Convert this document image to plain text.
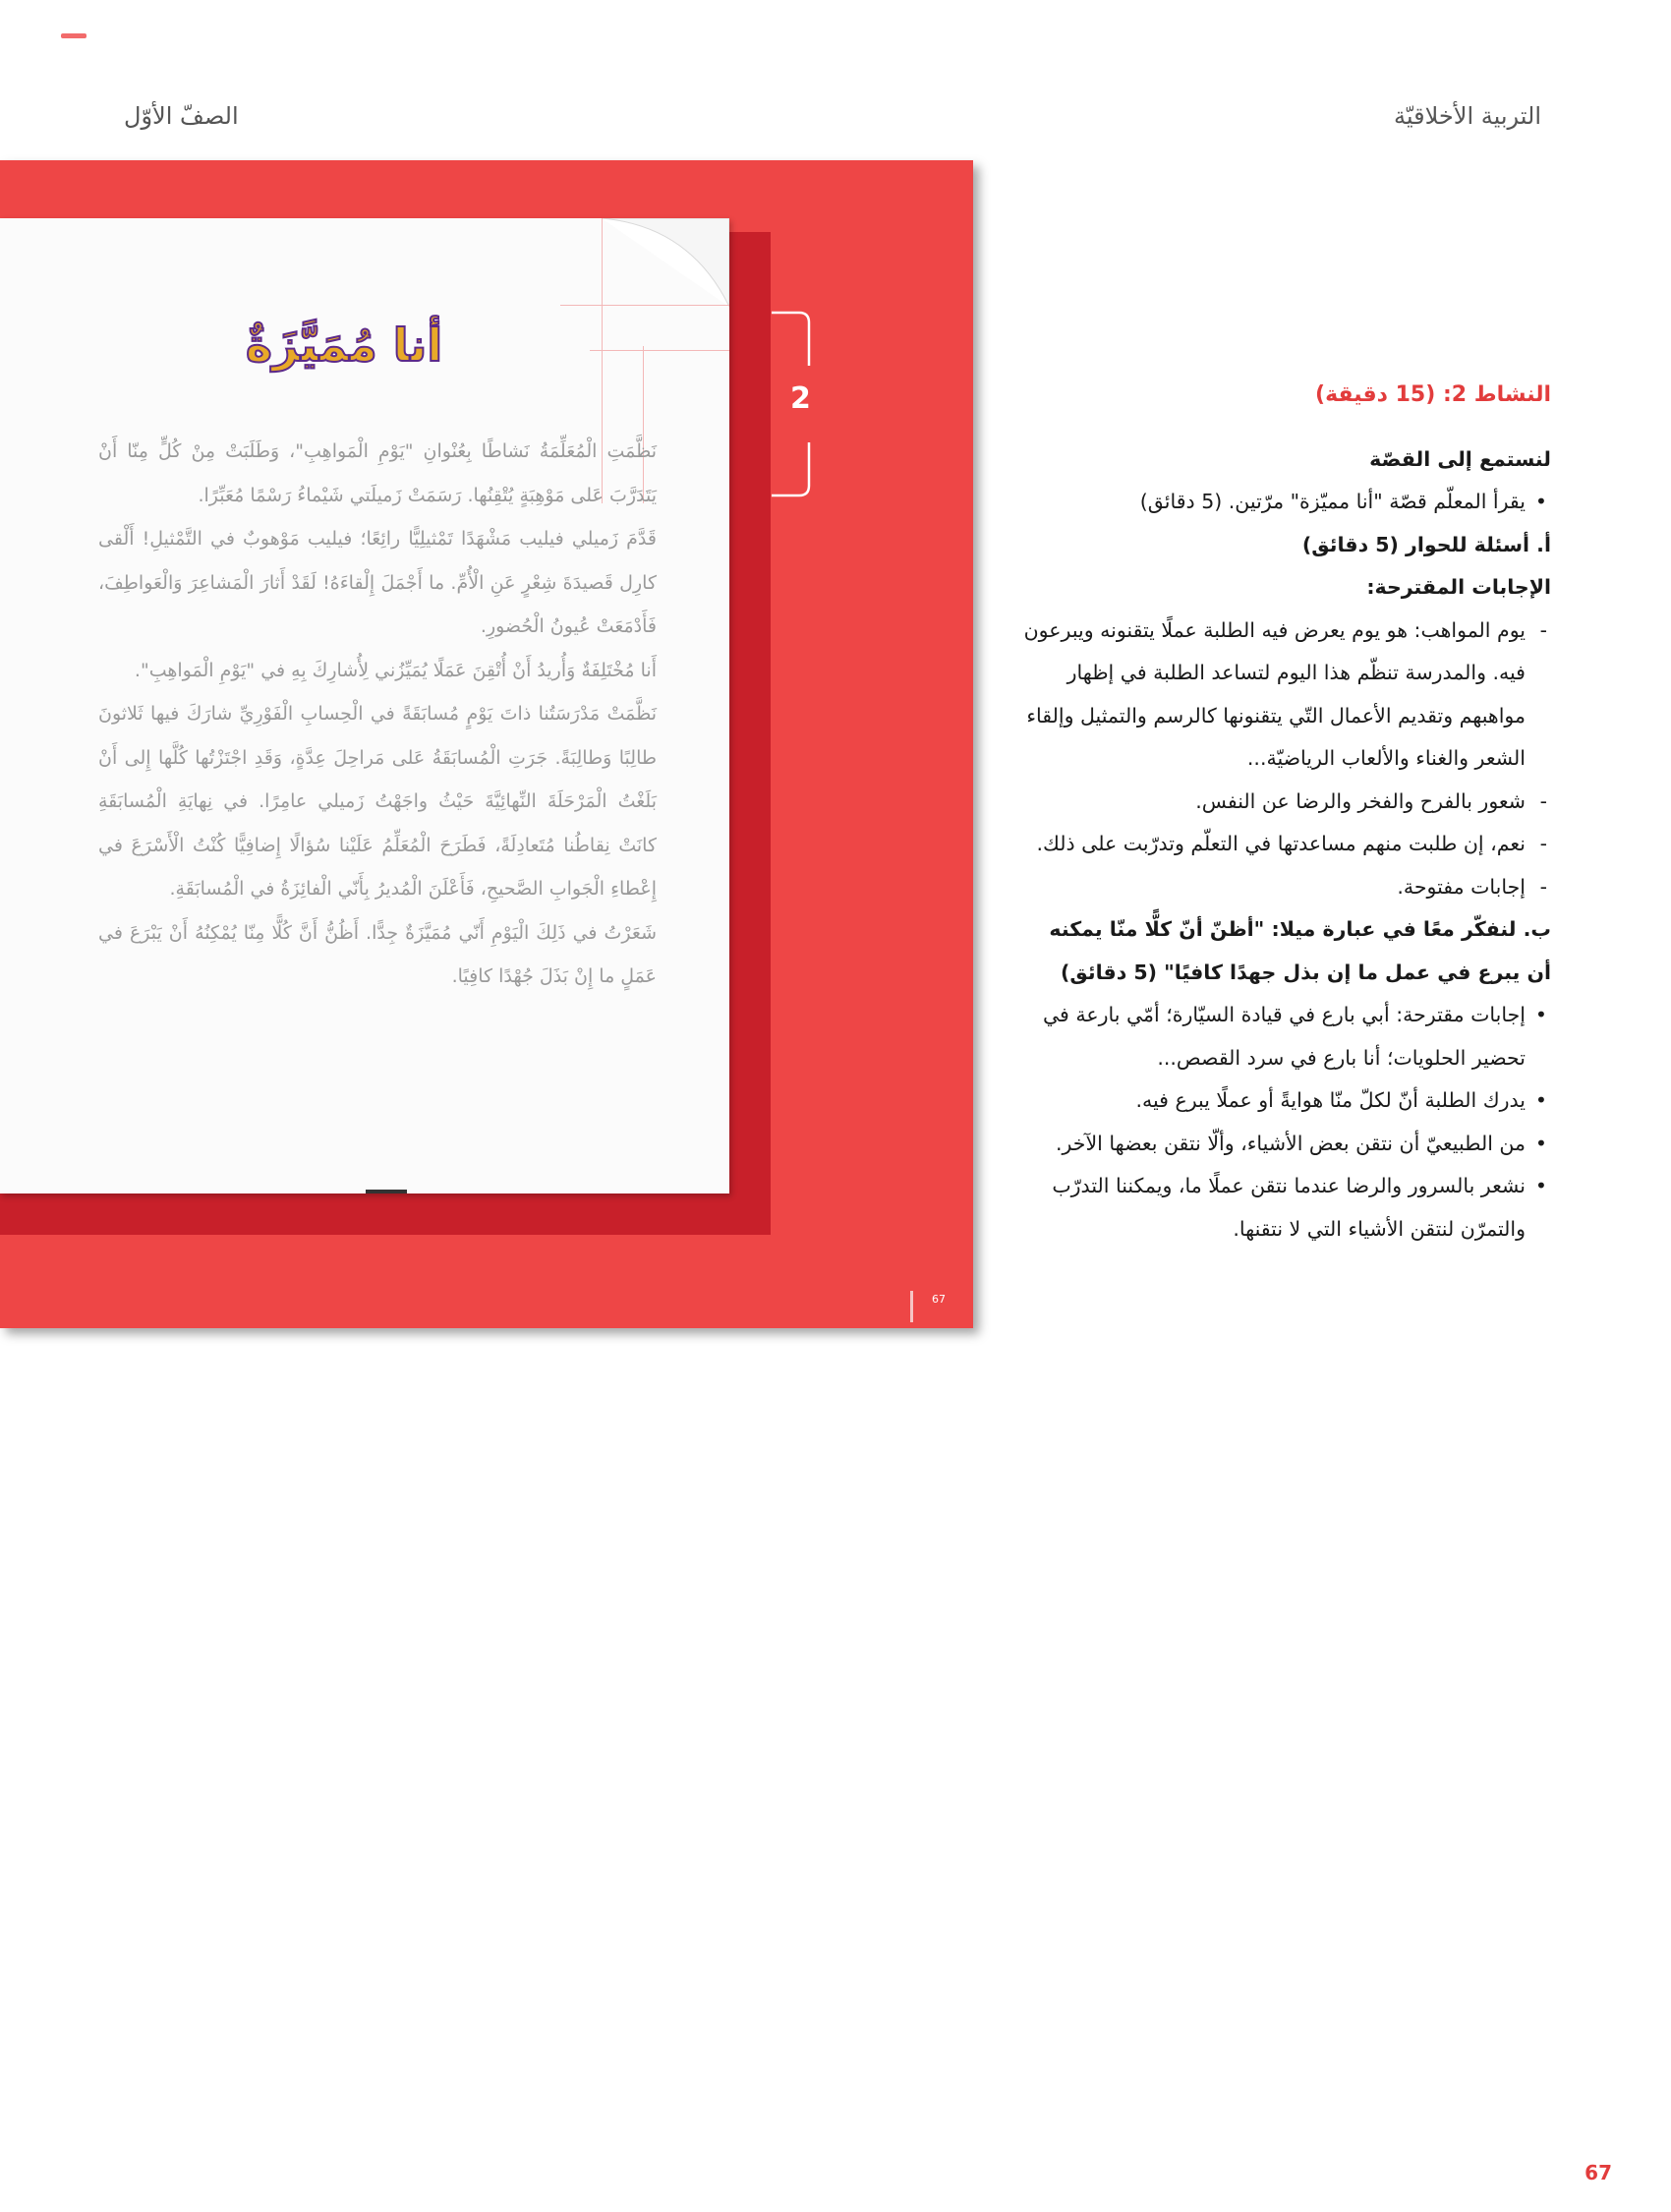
التربية الأخلاقيّة
الصفّ الأوّل
أنا مُمَيَّزَةٌ

نَظَّمَتِ الْمُعَلِّمَةُ نَشاطًا بِعُنْوانِ "يَوْمِ الْمَواهِبِ"، وَطَلَبَتْ مِنْ كُلٍّ مِنّا أَنْ يَتَدَرَّبَ عَلى مَوْهِبَةٍ يُتْقِنُها. رَسَمَتْ زَميلَتي شَيْماءُ رَسْمًا مُعَبِّرًا.

قَدَّمَ زَميلي فيليب مَشْهَدًا تَمْثيلِيًّا رائِعًا؛ فيليب مَوْهوبٌ في التَّمْثيلِ! أَلْقى كارِل قَصيدَةَ شِعْرٍ عَنِ الْأُمِّ. ما أَجْمَلَ إِلْقاءَهُ! لَقَدْ أَثارَ الْمَشاعِرَ وَالْعَواطِفَ، فَأَدْمَعَتْ عُيونُ الْحُضورِ.

أَنا مُخْتَلِفَةٌ وَأُريدُ أَنْ أُتْقِنَ عَمَلًا يُمَيِّزُني لِأُشارِكَ بِهِ في "يَوْمِ الْمَواهِبِ".

نَظَّمَتْ مَدْرَسَتُنا ذاتَ يَوْمٍ مُسابَقَةً في الْحِسابِ الْفَوْرِيِّ شارَكَ فيها ثَلاثونَ طالِبًا وَطالِبَةً. جَرَتِ الْمُسابَقَةُ عَلى مَراحِلَ عِدَّةٍ، وَقَدِ اجْتَزْتُها كُلَّها إِلى أَنْ بَلَغْتُ الْمَرْحَلَةَ النِّهائِيَّةَ حَيْثُ واجَهْتُ زَميلي عامِرًا. في نِهايَةِ الْمُسابَقَةِ كانَتْ نِقاطُنا مُتَعادِلَةً، فَطَرَحَ الْمُعَلِّمُ عَلَيْنا سُؤالًا إِضافِيًّا كُنْتُ الْأَسْرَعَ في إِعْطاءِ الْجَوابِ الصَّحيحِ، فَأَعْلَنَ الْمُديرُ بِأَنّي الْفائِزَةُ في الْمُسابَقَةِ.

شَعَرْتُ في ذَلِكَ الْيَوْمِ أَنّي مُمَيَّزَةٌ جِدًّا. أَظُنُّ أَنَّ كُلًّا مِنّا يُمْكِنُهُ أَنْ يَبْرَعَ في عَمَلٍ ما إِنْ بَذَلَ جُهْدًا كافِيًا.

2
67
النشاط 2: (15 دقيقة)
لنستمع إلى القصّة
• يقرأ المعلّم قصّة "أنا مميّزة" مرّتين. (5 دقائق)
أ. أسئلة للحوار (5 دقائق)
الإجابات المقترحة:
- يوم المواهب: هو يوم يعرض فيه الطلبة عملًا يتقنونه ويبرعون فيه. والمدرسة تنظّم هذا اليوم لتساعد الطلبة في إظهار مواهبهم وتقديم الأعمال التّي يتقنونها كالرسم والتمثيل وإلقاء الشعر والغناء والألعاب الرياضيّة...
- شعور بالفرح والفخر والرضا عن النفس.
- نعم، إن طلبت منهم مساعدتها في التعلّم وتدرّبت على ذلك.
- إجابات مفتوحة.
ب. لنفكّر معًا في عبارة ميلا: "أظنّ أنّ كلًّا منّا يمكنه أن يبرع في عمل ما إن بذل جهدًا كافيًا" (5 دقائق)
• إجابات مقترحة: أبي بارع في قيادة السيّارة؛ أمّي بارعة في تحضير الحلويات؛ أنا بارع في سرد القصص...
• يدرك الطلبة أنّ لكلّ منّا هوايةً أو عملًا يبرع فيه.
• من الطبيعيّ أن نتقن بعض الأشياء، وألّا نتقن بعضها الآخر.
• نشعر بالسرور والرضا عندما نتقن عملًا ما، ويمكننا التدرّب والتمرّن لنتقن الأشياء التي لا نتقنها.
67
